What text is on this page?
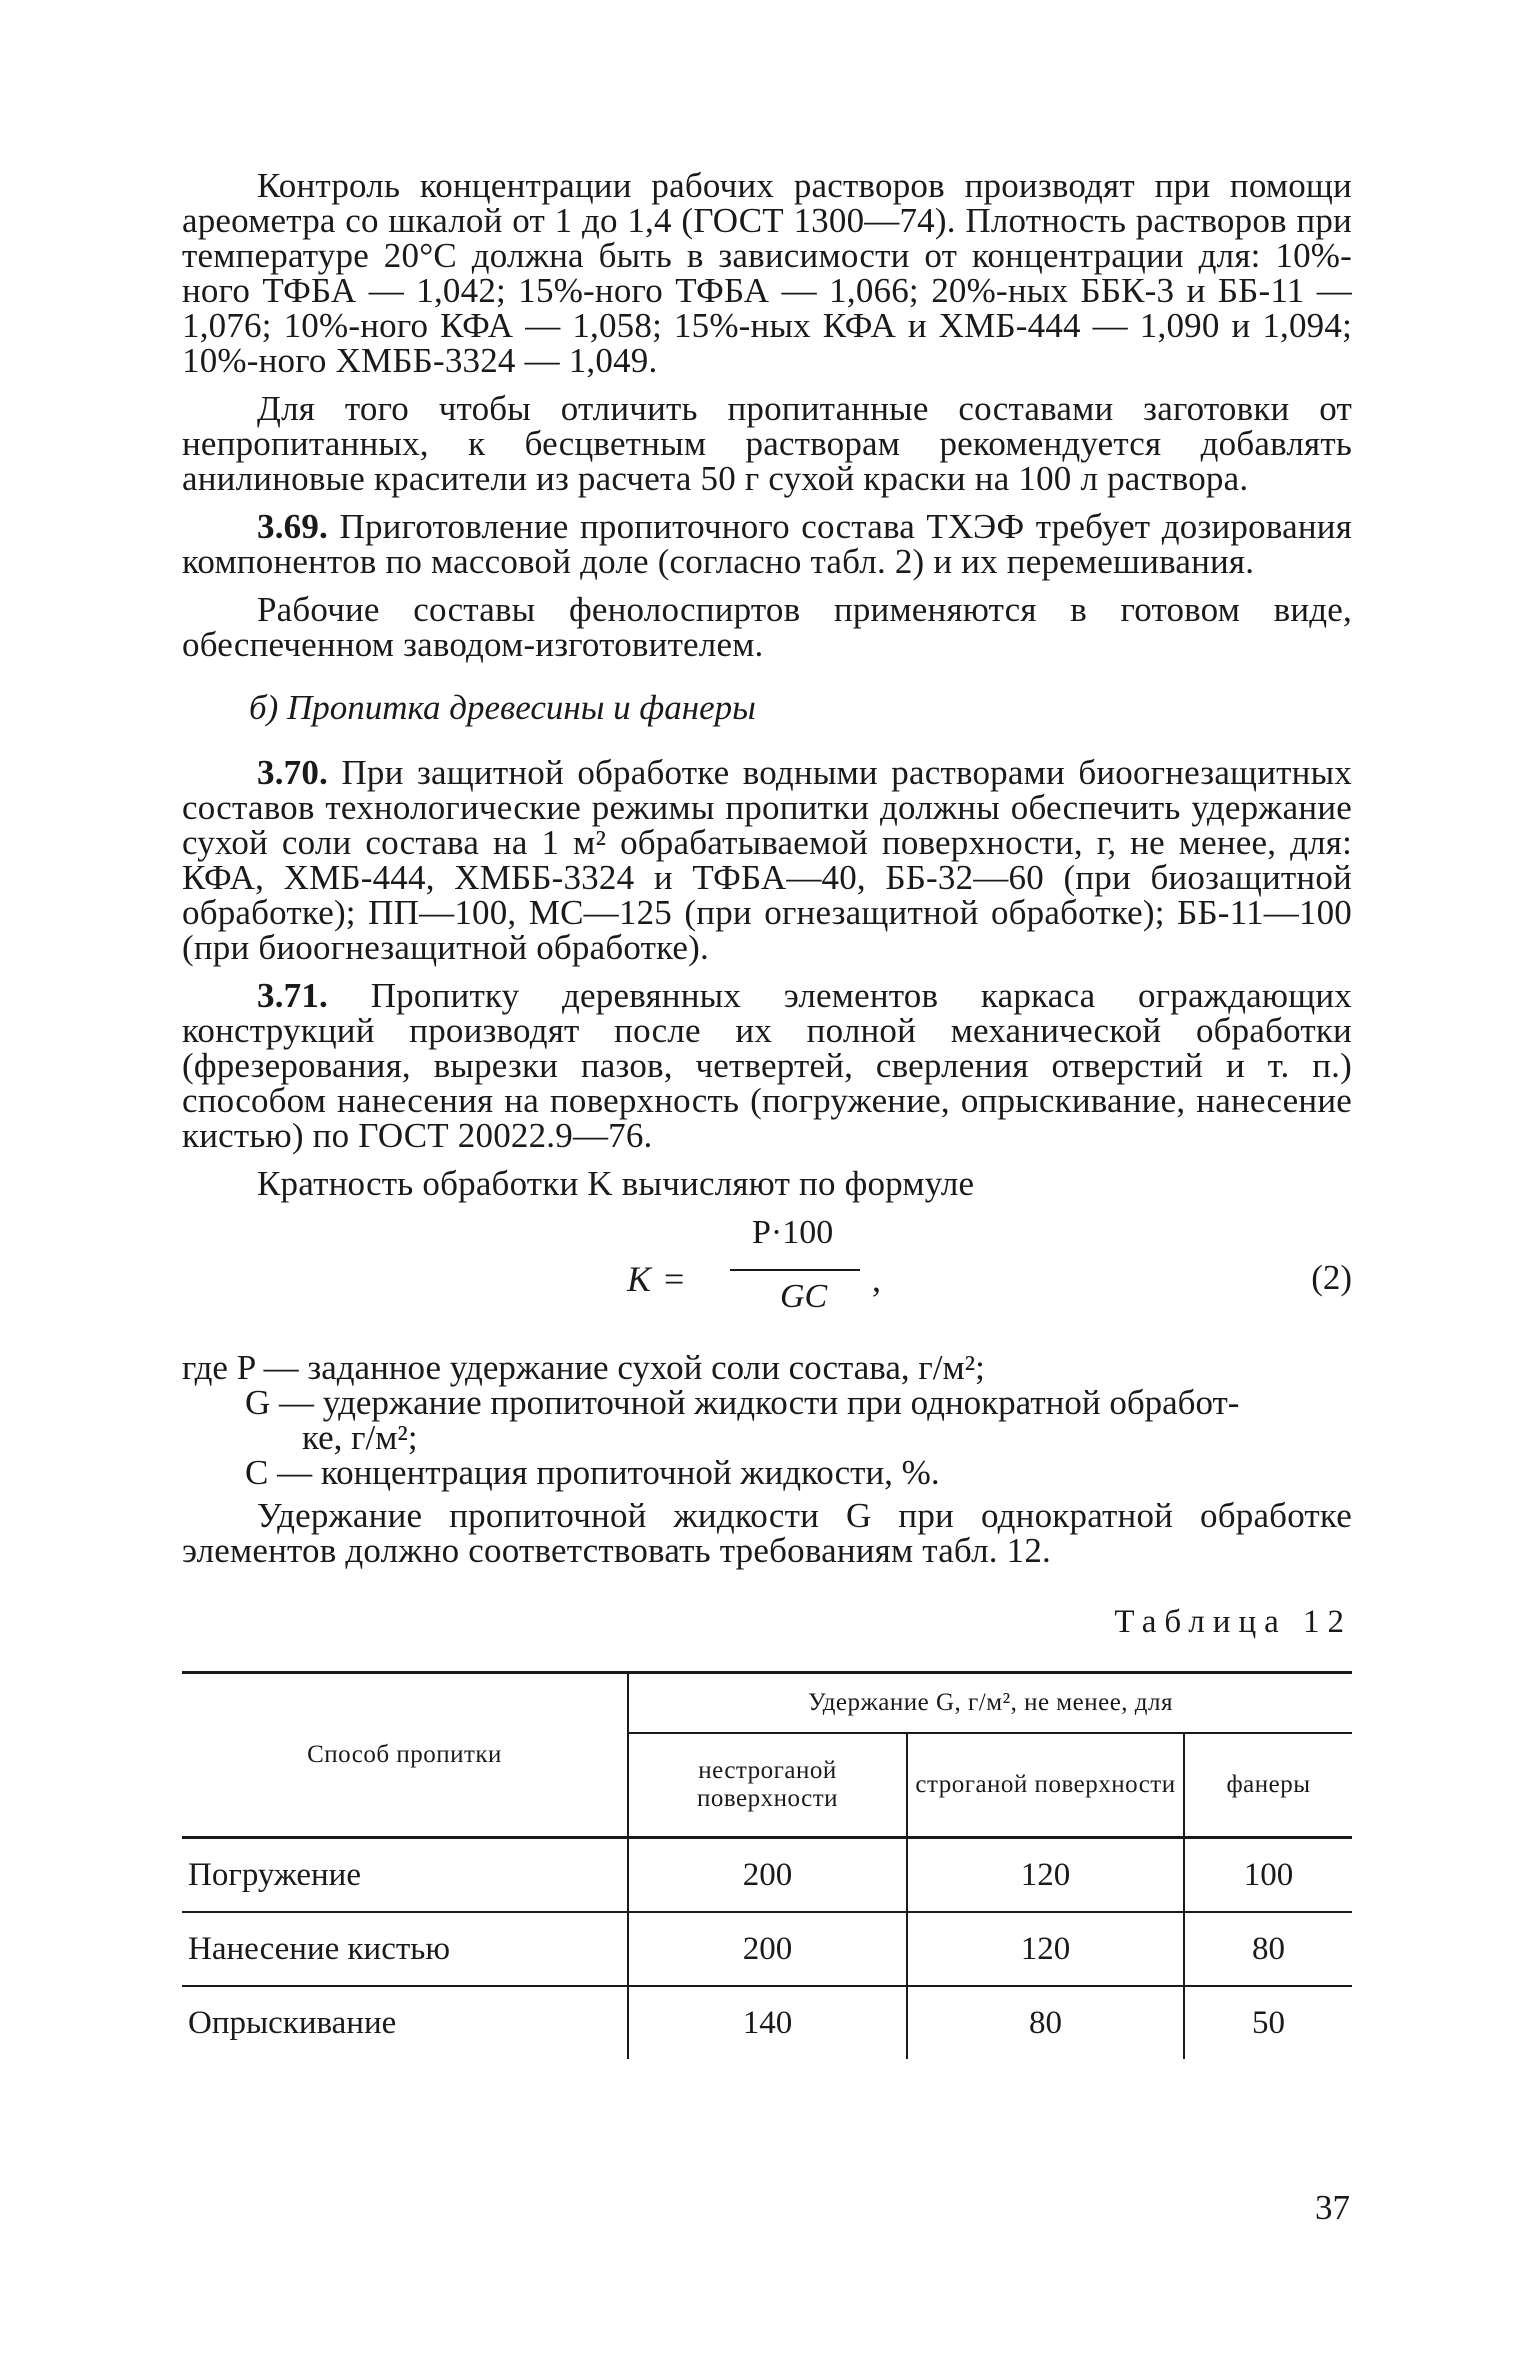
Контроль концентрации рабочих растворов производят при помощи ареометра со шкалой от 1 до 1,4 (ГОСТ 1300—74). Плотность растворов при температуре 20°С должна быть в зависимости от концентрации для: 10%-ного ТФБА — 1,042; 15%-ного ТФБА — 1,066; 20%-ных ББК-3 и ББ-11 — 1,076; 10%-ного КФА — 1,058; 15%-ных КФА и ХМБ-444 — 1,090 и 1,094; 10%-ного ХМББ-3324 — 1,049.

Для того чтобы отличить пропитанные составами заготовки от непропитанных, к бесцветным растворам рекомендуется добавлять анилиновые красители из расчета 50 г сухой краски на 100 л раствора.

3.69. Приготовление пропиточного состава ТХЭФ требует дозирования компонентов по массовой доле (согласно табл. 2) и их перемешивания.

Рабочие составы фенолоспиртов применяются в готовом виде, обеспеченном заводом-изготовителем.

б) Пропитка древесины и фанеры

3.70. При защитной обработке водными растворами биоогнезащитных составов технологические режимы пропитки должны обеспечить удержание сухой соли состава на 1 м² обрабатываемой поверхности, г, не менее, для: КФА, ХМБ-444, ХМББ-3324 и ТФБА—40, ББ-32—60 (при биозащитной обработке); ПП—100, МС—125 (при огнезащитной обработке); ББ-11—100 (при биоогнезащитной обработке).

3.71. Пропитку деревянных элементов каркаса ограждающих конструкций производят после их полной механической обработки (фрезерования, вырезки пазов, четвертей, сверления отверстий и т. п.) способом нанесения на поверхность (погружение, опрыскивание, нанесение кистью) по ГОСТ 20022.9—76.

Кратность обработки K вычисляют по формуле

K =
P·100
GC ,	(2)

где P — заданное удержание сухой соли состава, г/м²;

G — удержание пропиточной жидкости при однократной обработ-

ке, г/м²;

C — концентрация пропиточной жидкости, %.

Удержание пропиточной жидкости G при однократной обработке элементов должно соответствовать требованиям табл. 12.

Таблица 12
Способ пропитки	Удержание G, г/м², не менее, для		
	нестроганой поверхности	строганой поверхности	фанеры

Погружение	200	120	100
Нанесение кистью	200	120	80
Опрыскивание	140	80	50
37
